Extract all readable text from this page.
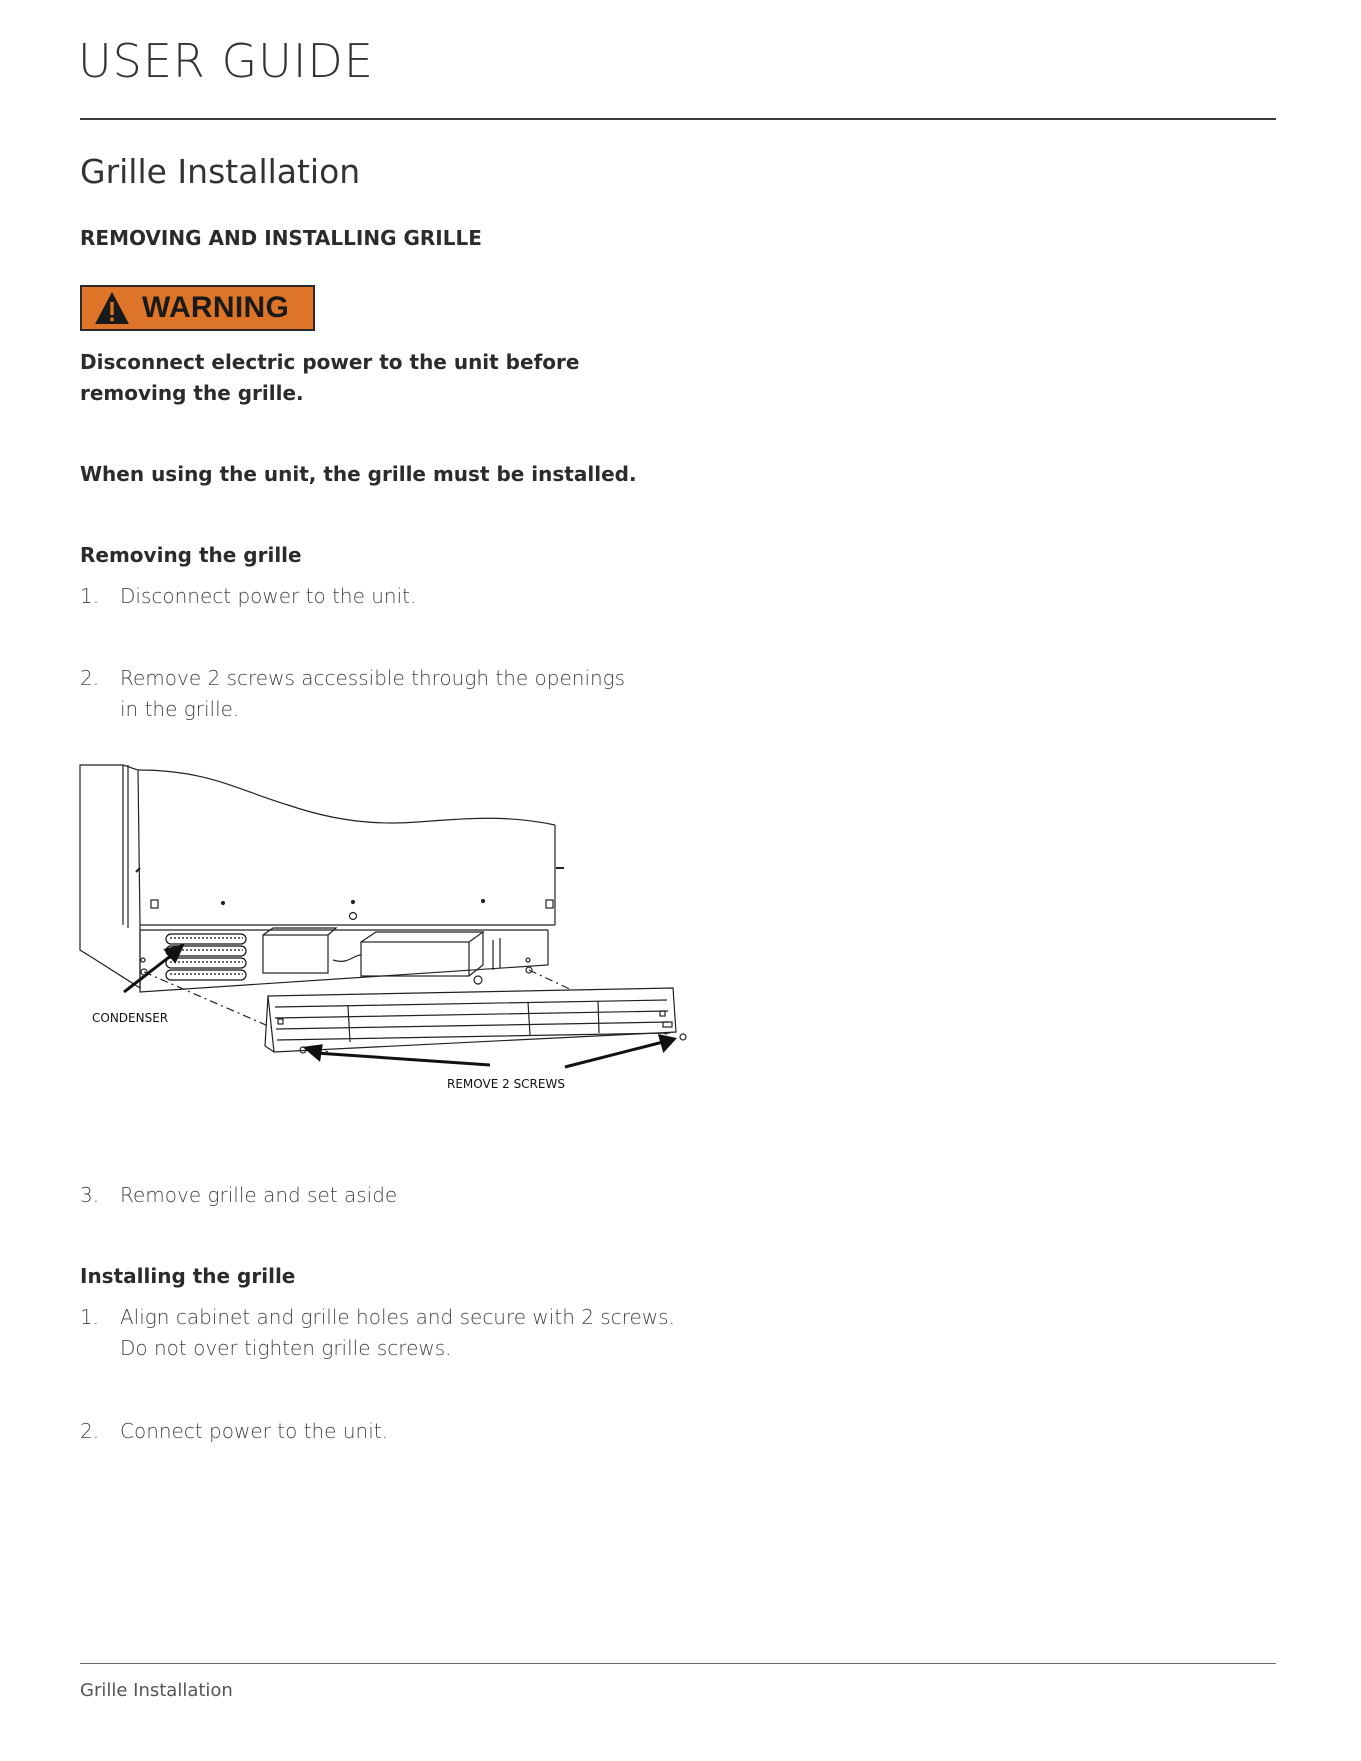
USER GUIDE
Grille Installation
REMOVING AND INSTALLING GRILLE
WARNING

Disconnect electric power to the unit before removing the grille.

When using the unit, the grille must be installed.

Removing the grille

1. Disconnect power to the unit.

2. Remove 2 screws accessible through the openings in the grille.

CONDENSER
REMOVE 2 SCREWS

3. Remove grille and set aside

Installing the grille

1. Align cabinet and grille holes and secure with 2 screws. Do not over tighten grille screws.

2. Connect power to the unit.

Grille Installation
